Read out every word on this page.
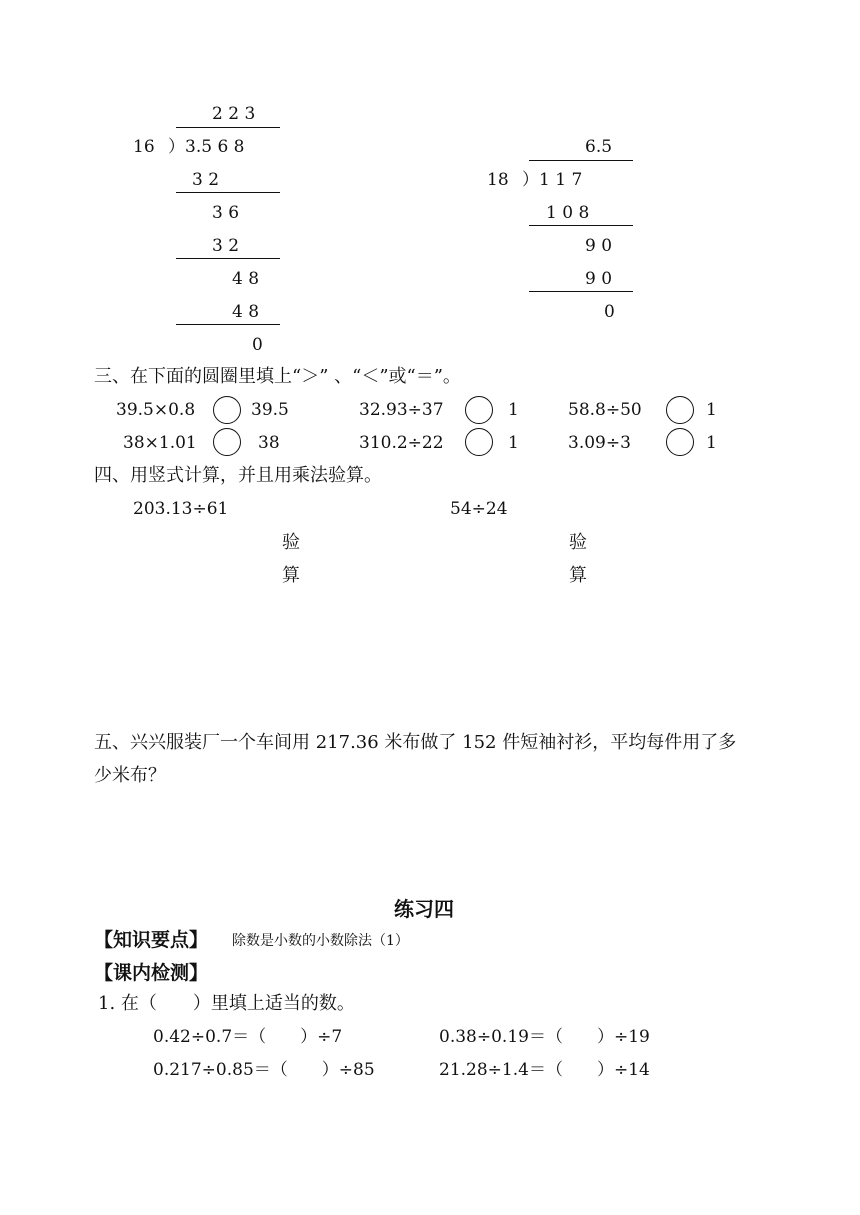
2 2 3
16 ）3.5 6 8
3 2
3 6
3 2
4 8
4 8
0
6.5
18 ）1 1 7
1 0 8
9 0
9 0
0
三、在下面的圆圈里填上“＞” 、“＜”或“＝”。
39.5×0.8	39.5	32.93÷37	1	58.8÷50	1
38×1.01	38	310.2÷22	1	3.09÷3	1
四、用竖式计算，并且用乘法验算。
203.13÷61	54÷24
验
算
验
算
五、兴兴服装厂一个车间用 217.36 米布做了 152 件短袖衬衫，平均每件用了多
少米布？
练习四
【知识要点】 除数是小数的小数除法（1）
【课内检测】
1. 在（　　）里填上适当的数。
0.42÷0.7＝（　　）÷7	0.38÷0.19＝（　　）÷19
0.217÷0.85＝（　　）÷85	21.28÷1.4＝（　　）÷14
